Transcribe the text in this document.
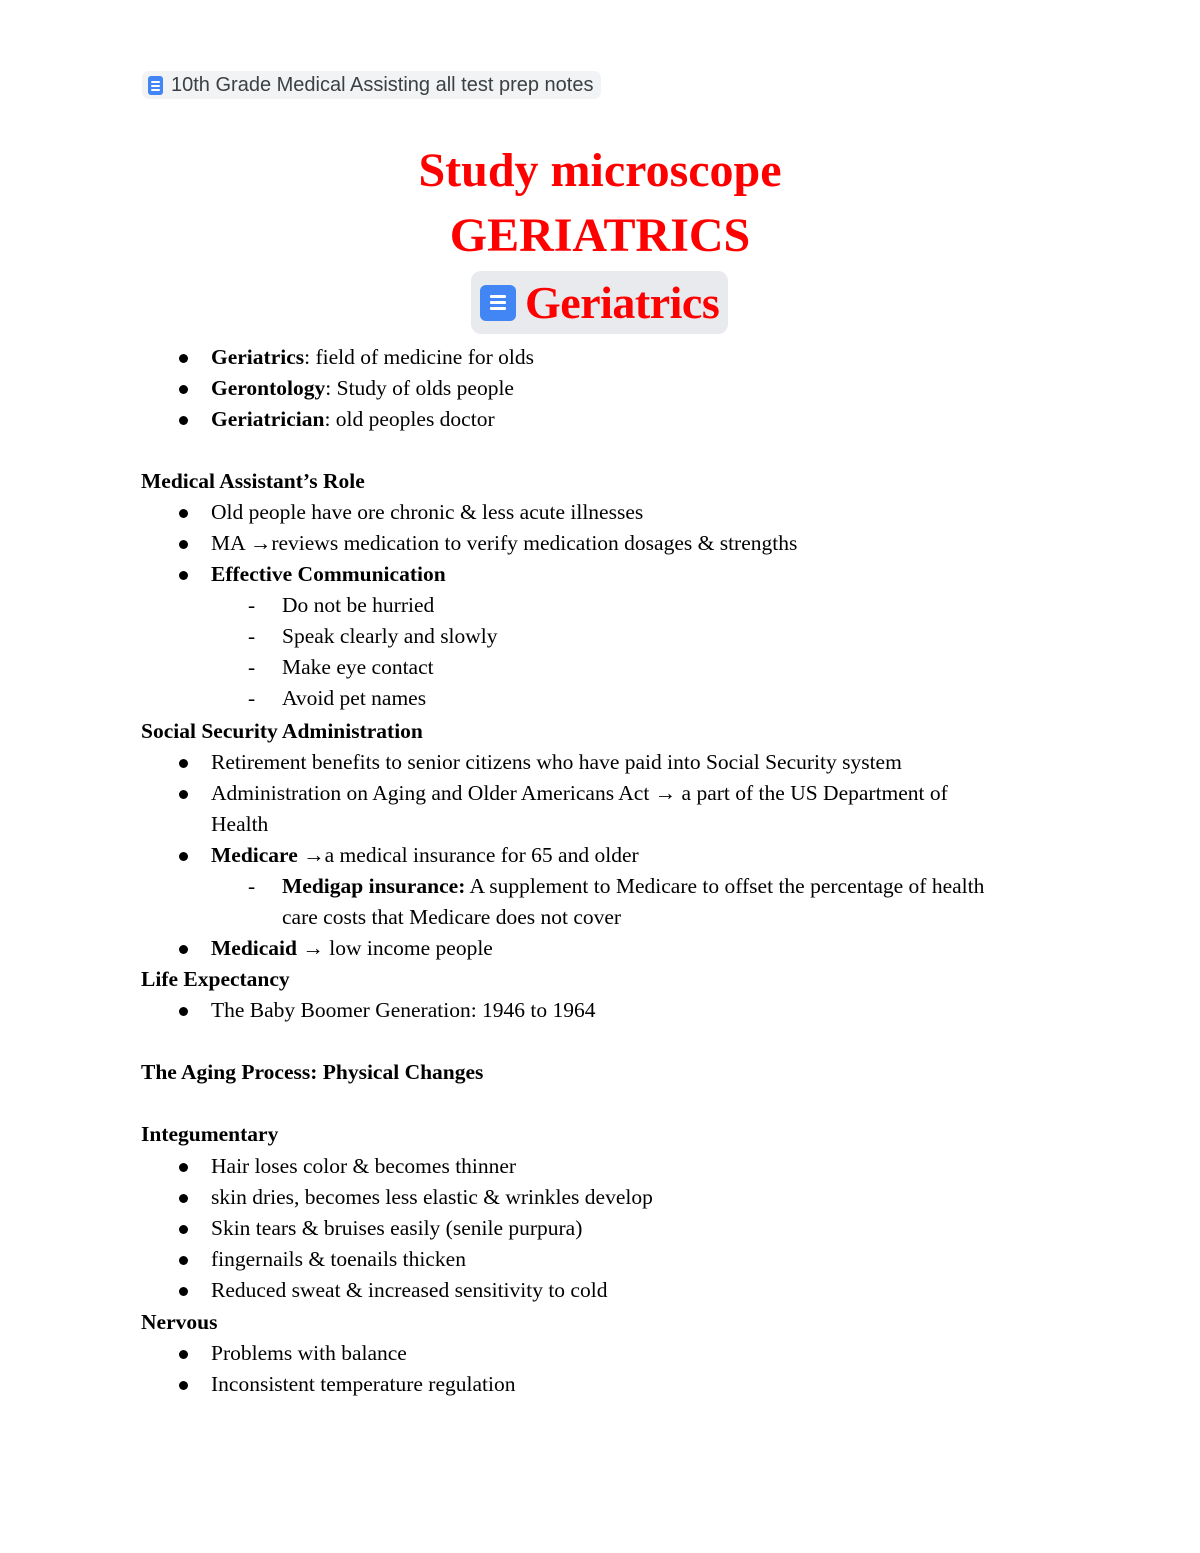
10th Grade Medical Assisting all test prep notes
Study microscope
GERIATRICS
Geriatrics
Geriatrics: field of medicine for olds
Gerontology: Study of olds people
Geriatrician: old peoples doctor
Medical Assistant’s Role
Old people have ore chronic & less acute illnesses
MA →reviews medication to verify medication dosages & strengths
Effective Communication
- Do not be hurried
- Speak clearly and slowly
- Make eye contact
- Avoid pet names
Social Security Administration
Retirement benefits to senior citizens who have paid into Social Security system
Administration on Aging and Older Americans Act → a part of the US Department of
Health
Medicare →a medical insurance for 65 and older
- Medigap insurance: A supplement to Medicare to offset the percentage of health
care costs that Medicare does not cover
Medicaid → low income people
Life Expectancy
The Baby Boomer Generation: 1946 to 1964
The Aging Process: Physical Changes
Integumentary
Hair loses color & becomes thinner
skin dries, becomes less elastic & wrinkles develop
Skin tears & bruises easily (senile purpura)
fingernails & toenails thicken
Reduced sweat & increased sensitivity to cold
Nervous
Problems with balance
Inconsistent temperature regulation
